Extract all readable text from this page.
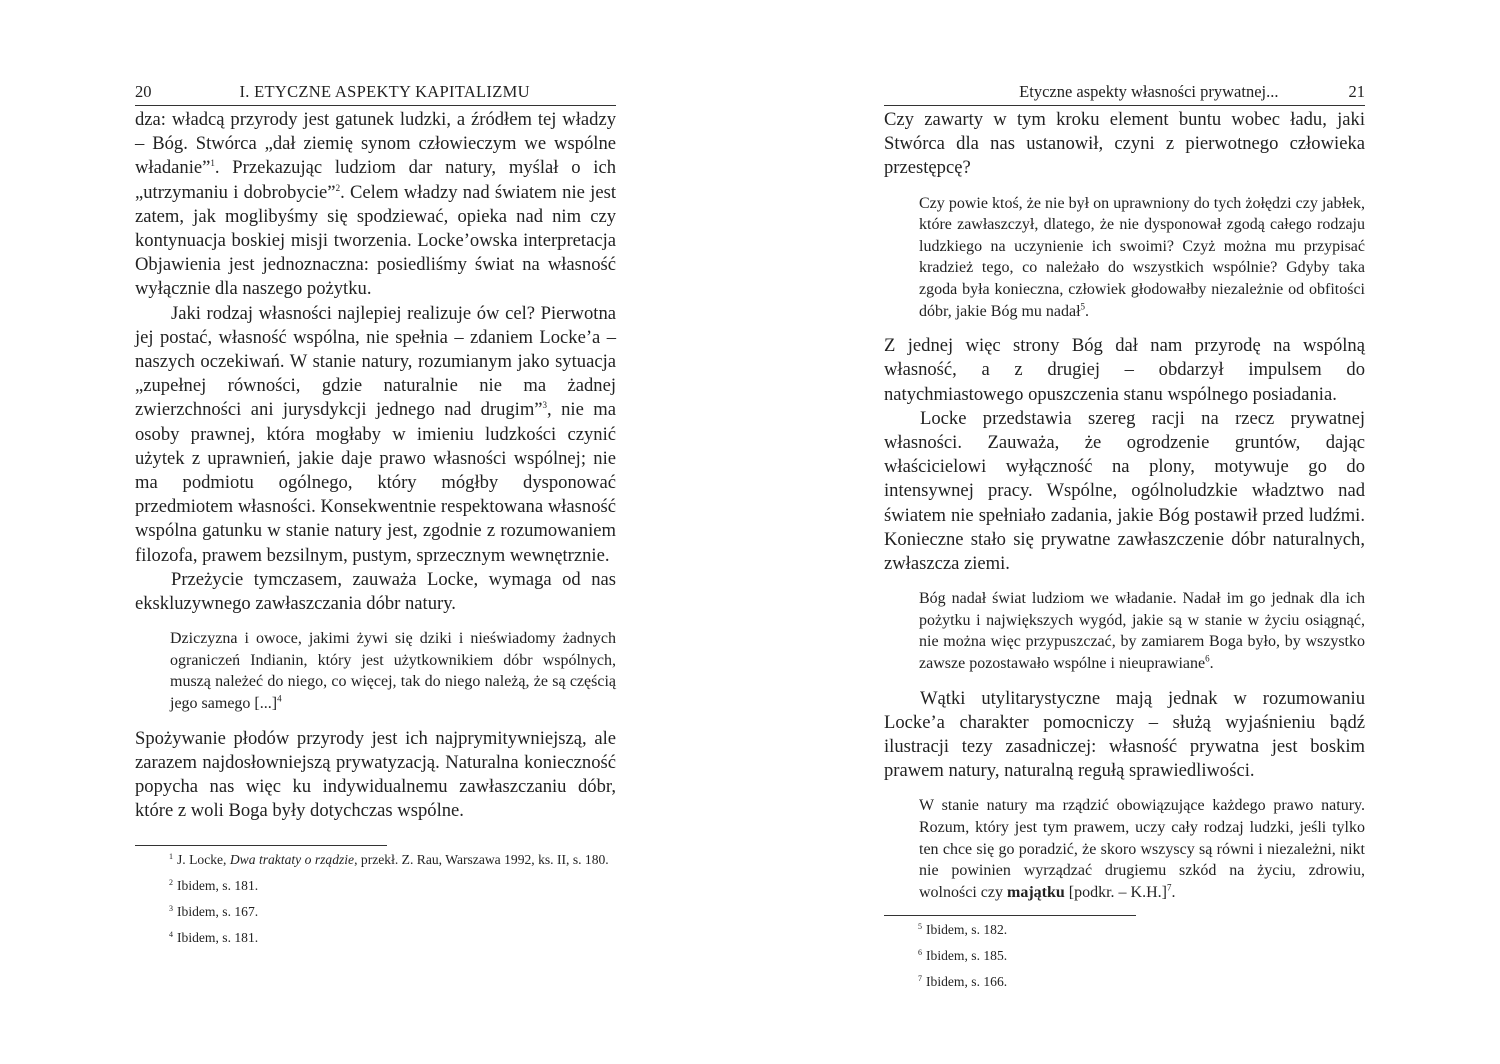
20	I. ETYCZNE ASPEKTY KAPITALIZMU

dza: władcą przyrody jest gatunek ludzki, a źródłem tej władzy – Bóg. Stwórca „dał ziemię synom człowieczym we wspólne władanie”$^1$. Przekazując ludziom dar natury, myślał o ich „utrzymaniu i dobrobycie”$^2$. Celem władzy nad światem nie jest zatem, jak moglibyśmy się spodziewać, opieka nad nim czy kontynuacja boskiej misji tworzenia. Locke’owska interpretacja Objawienia jest jednoznaczna: posiedliśmy świat na własność wyłącznie dla naszego pożytku.

Jaki rodzaj własności najlepiej realizuje ów cel? Pierwotna jej postać, własność wspólna, nie spełnia – zdaniem Locke’a – naszych oczekiwań. W stanie natury, rozumianym jako sytuacja „zupełnej równości, gdzie naturalnie nie ma żadnej zwierzchności ani jurysdykcji jednego nad drugim”$^3$, nie ma osoby prawnej, która mogłaby w imieniu ludzkości czynić użytek z uprawnień, jakie daje prawo własności wspólnej; nie ma podmiotu ogólnego, który mógłby dysponować przedmiotem własności. Konsekwentnie respektowana własność wspólna gatunku w stanie natury jest, zgodnie z rozumowaniem filozofa, prawem bezsilnym, pustym, sprzecznym wewnętrznie.

Przeżycie tymczasem, zauważa Locke, wymaga od nas ekskluzywnego zawłaszczania dóbr natury.

Dziczyzna i owoce, jakimi żywi się dziki i nieświadomy żadnych ograniczeń Indianin, który jest użytkownikiem dóbr wspólnych, muszą należeć do niego, co więcej, tak do niego należą, że są częścią jego samego [...]$^4$

Spożywanie płodów przyrody jest ich najprymitywniejszą, ale zarazem najdosłowniejszą prywatyzacją. Naturalna konieczność popycha nas więc ku indywidualnemu zawłaszczaniu dóbr, które z woli Boga były dotychczas wspólne.

$^1$ J. Locke, Dwa traktaty o rządzie, przekł. Z. Rau, Warszawa 1992, ks. II, s. 180.
$^2$ Ibidem, s. 181.
$^3$ Ibidem, s. 167.
$^4$ Ibidem, s. 181.
Etyczne aspekty własności prywatnej...	21

Czy zawarty w tym kroku element buntu wobec ładu, jaki Stwórca dla nas ustanowił, czyni z pierwotnego człowieka przestępcę?

Czy powie ktoś, że nie był on uprawniony do tych żołędzi czy jabłek, które zawłaszczył, dlatego, że nie dysponował zgodą całego rodzaju ludzkiego na uczynienie ich swoimi? Czyż można mu przypisać kradzież tego, co należało do wszystkich wspólnie? Gdyby taka zgoda była konieczna, człowiek głodowałby niezależnie od obfitości dóbr, jakie Bóg mu nadał$^5$.

Z jednej więc strony Bóg dał nam przyrodę na wspólną własność, a z drugiej – obdarzył impulsem do natychmiastowego opuszczenia stanu wspólnego posiadania.

Locke przedstawia szereg racji na rzecz prywatnej własności. Zauważa, że ogrodzenie gruntów, dając właścicielowi wyłączność na plony, motywuje go do intensywnej pracy. Wspólne, ogólnoludzkie władztwo nad światem nie spełniało zadania, jakie Bóg postawił przed ludźmi. Konieczne stało się prywatne zawłaszczenie dóbr naturalnych, zwłaszcza ziemi.

Bóg nadał świat ludziom we władanie. Nadał im go jednak dla ich pożytku i największych wygód, jakie są w stanie w życiu osiągnąć, nie można więc przypuszczać, by zamiarem Boga było, by wszystko zawsze pozostawało wspólne i nieuprawiane$^6$.

Wątki utylitarystyczne mają jednak w rozumowaniu Locke’a charakter pomocniczy – służą wyjaśnieniu bądź ilustracji tezy zasadniczej: własność prywatna jest boskim prawem natury, naturalną regułą sprawiedliwości.

W stanie natury ma rządzić obowiązujące każdego prawo natury. Rozum, który jest tym prawem, uczy cały rodzaj ludzki, jeśli tylko ten chce się go poradzić, że skoro wszyscy są równi i niezależni, nikt nie powinien wyrządzać drugiemu szkód na życiu, zdrowiu, wolności czy majątku [podkr. – K.H.]$^7$.
$^5$ Ibidem, s. 182.
$^6$ Ibidem, s. 185.
$^7$ Ibidem, s. 166.
